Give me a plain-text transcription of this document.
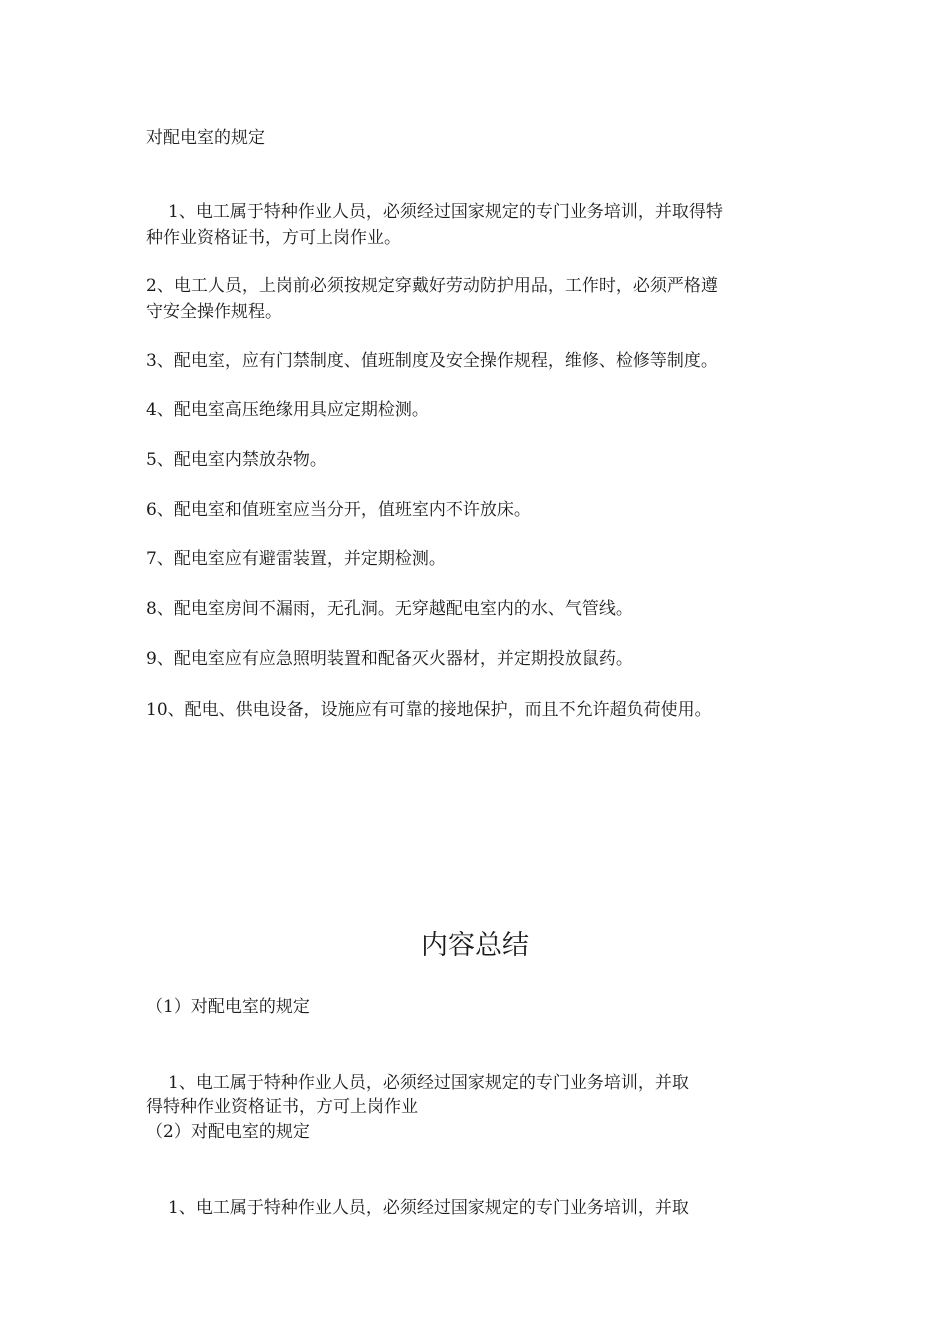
对配电室的规定
1、电工属于特种作业人员，必须经过国家规定的专门业务培训，并取得特
种作业资格证书，方可上岗作业。
2、电工人员，上岗前必须按规定穿戴好劳动防护用品，工作时，必须严格遵
守安全操作规程。
3、配电室，应有门禁制度、值班制度及安全操作规程，维修、检修等制度。
4、配电室高压绝缘用具应定期检测。
5、配电室内禁放杂物。
6、配电室和值班室应当分开，值班室内不许放床。
7、配电室应有避雷装置，并定期检测。
8、配电室房间不漏雨，无孔洞。无穿越配电室内的水、气管线。
9、配电室应有应急照明装置和配备灭火器材，并定期投放鼠药。
10、配电、供电设备，设施应有可靠的接地保护，而且不允许超负荷使用。
内容总结
（1）对配电室的规定
1、电工属于特种作业人员，必须经过国家规定的专门业务培训，并取
得特种作业资格证书，方可上岗作业
（2）对配电室的规定
1、电工属于特种作业人员，必须经过国家规定的专门业务培训，并取
